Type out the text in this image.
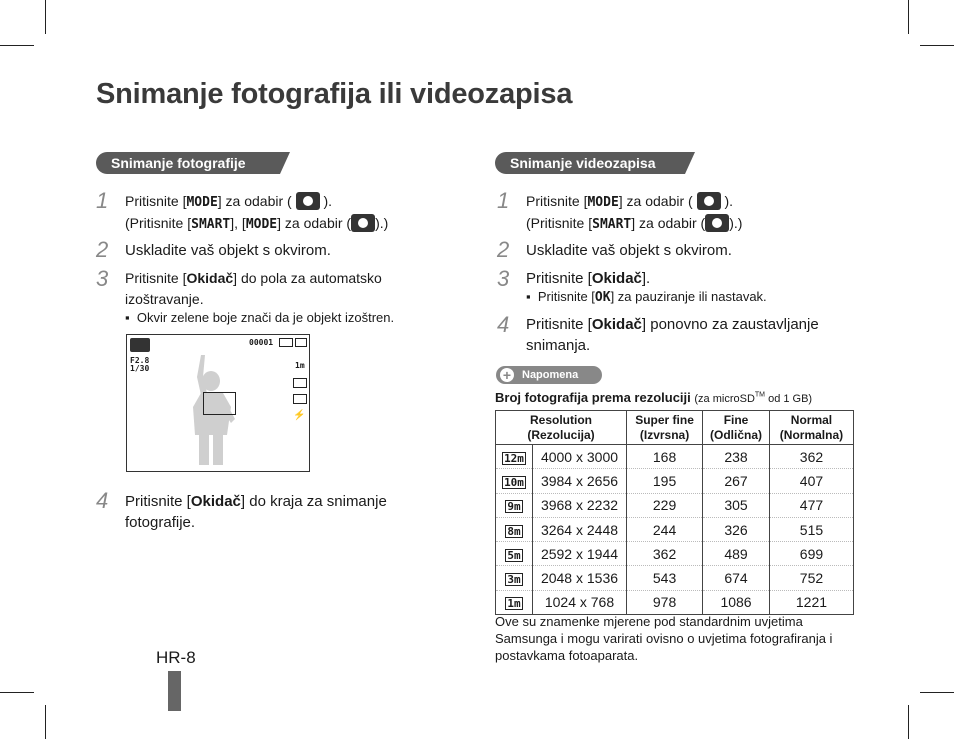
Snimanje fotografija ili videozapisa
Snimanje fotografije
1 Pritisnite [MODE] za odabir ( ).
(Pritisnite [SMART], [MODE] za odabir ( ).)
2 Uskladite vaš objekt s okvirom.
3 Pritisnite [Okidač] do pola za automatsko izoštravanje.
▪  Okvir zelene boje znači da je objekt izoštren.
00001
F2.8
1/30	1m
⚡
4 Pritisnite [Okidač] do kraja za snimanje fotografije.
Snimanje videozapisa
1 Pritisnite [MODE] za odabir ( ).
(Pritisnite [SMART] za odabir ( ).)
2 Uskladite vaš objekt s okvirom.
3 Pritisnite [Okidač].
▪  Pritisnite [OK] za pauziranje ili nastavak.
4 Pritisnite [Okidač] ponovno za zaustavljanje snimanja.
+ Napomena
Broj fotografija prema rezoluciji (za microSD™ od 1 GB)
Resolution (Rezolucija)		Super fine (Izvrsna)	Fine (Odlična)	Normal (Normalna)
12m	4000 x 3000	168	238	362
10m	3984 x 2656	195	267	407
9m	3968 x 2232	229	305	477
8m	3264 x 2448	244	326	515
5m	2592 x 1944	362	489	699
3m	2048 x 1536	543	674	752
1m	1024 x 768	978	1086	1221
Ove su znamenke mjerene pod standardnim uvjetima Samsunga i mogu varirati ovisno o uvjetima fotografiranja i postavkama fotoaparata.
HR-8
